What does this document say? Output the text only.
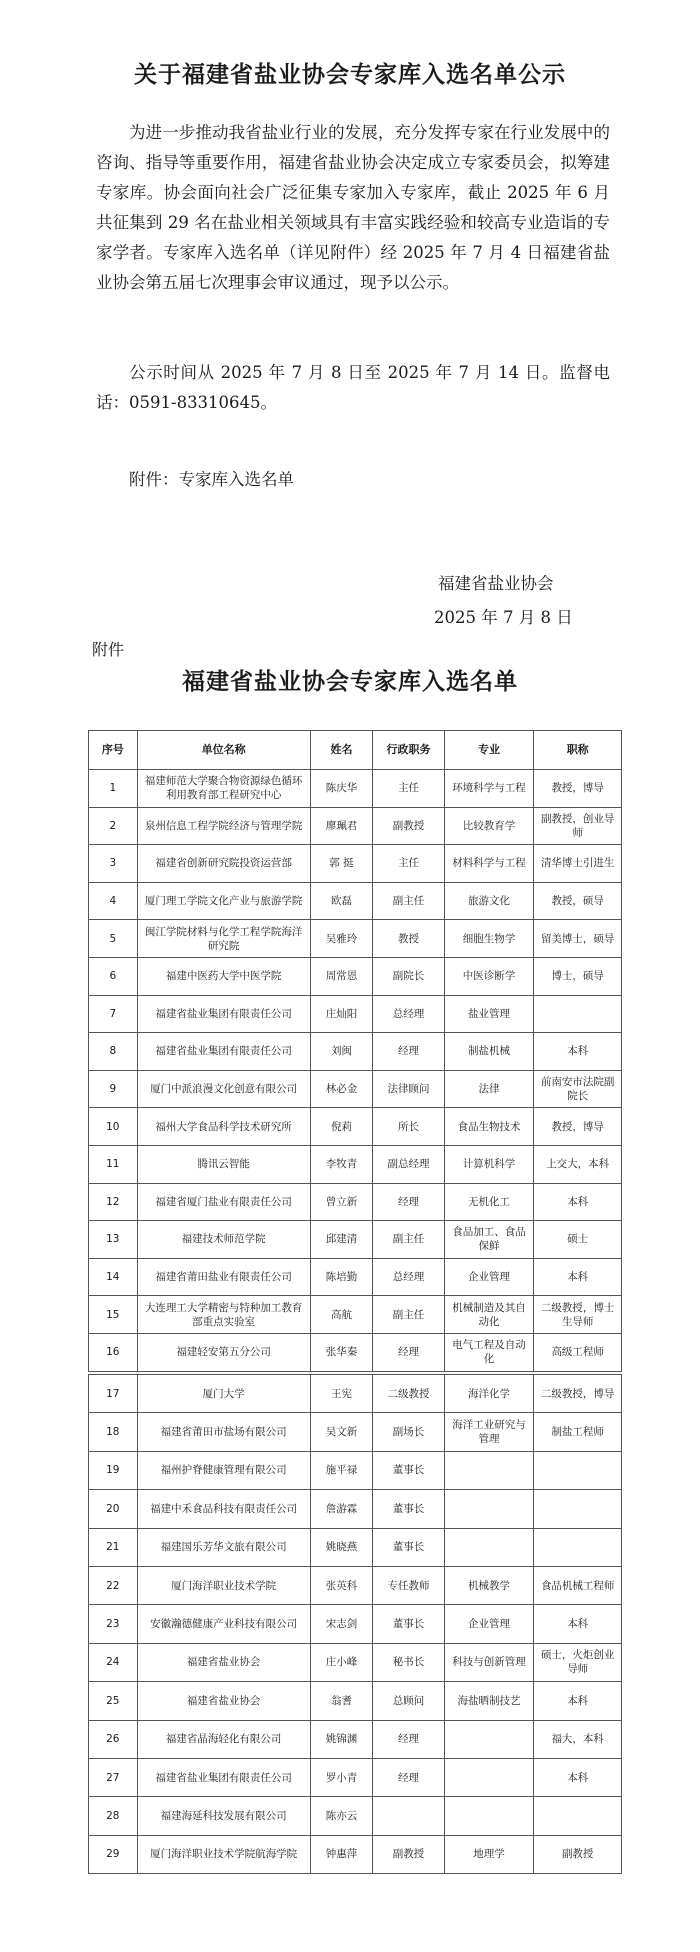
关于福建省盐业协会专家库入选名单公示

为进一步推动我省盐业行业的发展，充分发挥专家在行业发展中的咨询、指导等重要作用，福建省盐业协会决定成立专家委员会，拟筹建专家库。协会面向社会广泛征集专家加入专家库，截止 2025 年 6 月共征集到 29 名在盐业相关领域具有丰富实践经验和较高专业造诣的专家学者。专家库入选名单（详见附件）经 2025 年 7 月 4 日福建省盐业协会第五届七次理事会审议通过，现予以公示。

公示时间从 2025 年 7 月 8 日至 2025 年 7 月 14 日。监督电话：0591-83310645。

附件：专家库入选名单
福建省盐业协会
2025 年 7 月 8 日
附件
福建省盐业协会专家库入选名单
序号	单位名称	姓名	行政职务	专业	职称
1	福建师范大学聚合物资源绿色循环利用教育部工程研究中心	陈庆华	主任	环境科学与工程	教授，博导
2	泉州信息工程学院经济与管理学院	廖珮君	副教授	比较教育学	副教授，创业导师
3	福建省创新研究院投资运营部	郭 挺	主任	材料科学与工程	清华博士引进生
4	厦门理工学院文化产业与旅游学院	欧磊	副主任	旅游文化	教授，硕导
5	闽江学院材料与化学工程学院海洋研究院	吴雅玲	教授	细胞生物学	留美博士，硕导
6	福建中医药大学中医学院	周常恩	副院长	中医诊断学	博士，硕导
7	福建省盐业集团有限责任公司	庄灿阳	总经理	盐业管理	
8	福建省盐业集团有限责任公司	刘闽	经理	制盐机械	本科
9	厦门中派浪漫文化创意有限公司	林必金	法律顾问	法律	前南安市法院副院长
10	福州大学食品科学技术研究所	倪莉	所长	食品生物技术	教授，博导
11	腾讯云智能	李牧青	副总经理	计算机科学	上交大，本科
12	福建省厦门盐业有限责任公司	曾立新	经理	无机化工	本科
13	福建技术师范学院	邱建清	副主任	食品加工、食品保鲜	硕士
14	福建省莆田盐业有限责任公司	陈培勤	总经理	企业管理	本科
15	大连理工大学精密与特种加工教育部重点实验室	高航	副主任	机械制造及其自动化	二级教授，博士生导师
16	福建轻安第五分公司	张华秦	经理	电气工程及自动化	高级工程师
17	厦门大学	王宪	二级教授	海洋化学	二级教授，博导
18	福建省莆田市盐场有限公司	吴文新	副场长	海洋工业研究与管理	制盐工程师
19	福州护脊健康管理有限公司	施平禄	董事长		
20	福建中禾食品科技有限责任公司	詹游霖	董事长		
21	福建国乐芳华文旅有限公司	姚晓燕	董事长		
22	厦门海洋职业技术学院	张英科	专任教师	机械教学	食品机械工程师
23	安徽瀚德健康产业科技有限公司	宋志剑	董事长	企业管理	本科
24	福建省盐业协会	庄小峰	秘书长	科技与创新管理	硕士，火炬创业导师
25	福建省盐业协会	翁耆	总顾问	海盐晒制技艺	本科
26	福建省晶海轻化有限公司	姚锦渊	经理		福大，本科
27	福建省盐业集团有限责任公司	罗小青	经理		本科
28	福建海延科技发展有限公司	陈亦云			
29	厦门海洋职业技术学院航海学院	钟惠萍	副教授	地理学	副教授
